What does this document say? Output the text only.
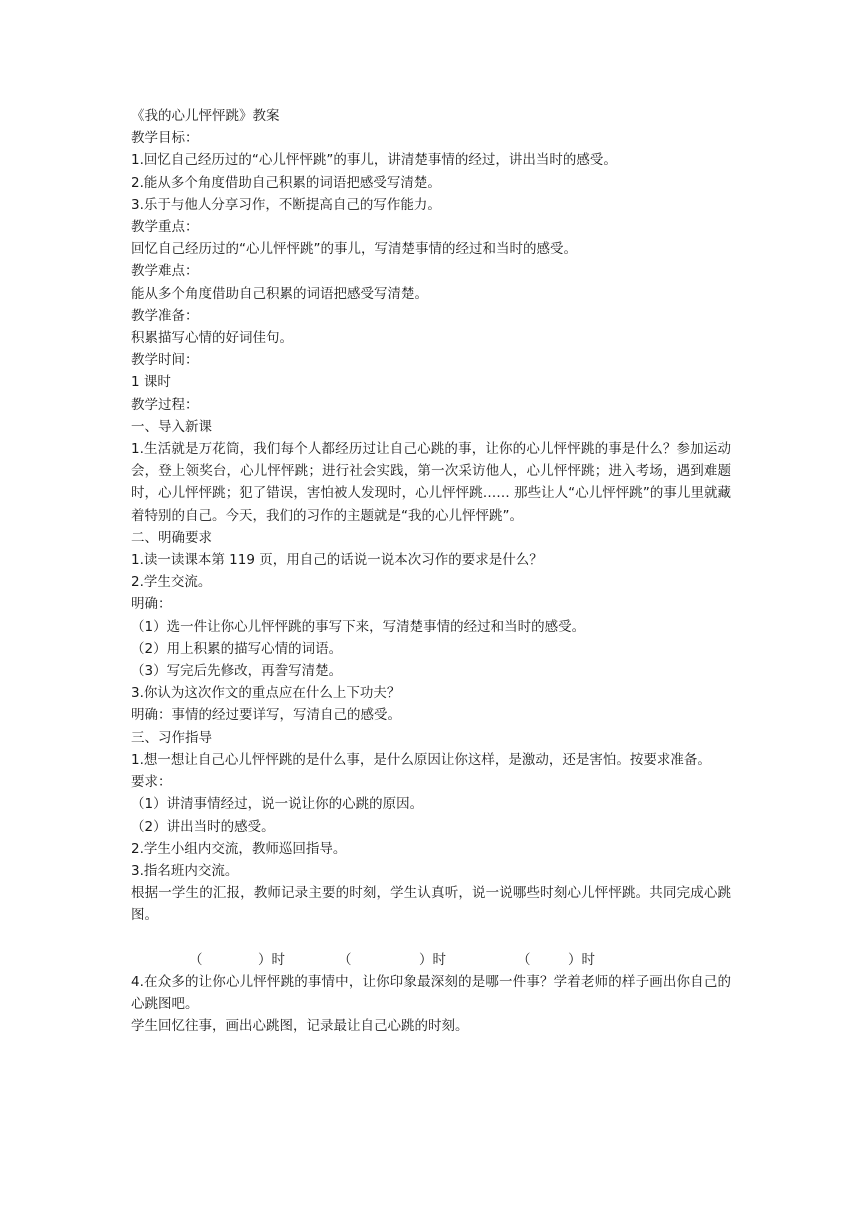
《我的心儿怦怦跳》教案
教学目标：
1.回忆自己经历过的“心儿怦怦跳”的事儿，讲清楚事情的经过，讲出当时的感受。
2.能从多个角度借助自己积累的词语把感受写清楚。
3.乐于与他人分享习作，不断提高自己的写作能力。
教学重点：
回忆自己经历过的“心儿怦怦跳”的事儿，写清楚事情的经过和当时的感受。
教学难点：
能从多个角度借助自己积累的词语把感受写清楚。
教学准备：
积累描写心情的好词佳句。
教学时间：
1 课时
教学过程：
一、导入新课
1.生活就是万花筒，我们每个人都经历过让自己心跳的事，让你的心儿怦怦跳的事是什么？参加运动会，登上领奖台，心儿怦怦跳；进行社会实践，第一次采访他人，心儿怦怦跳；进入考场，遇到难题时，心儿怦怦跳；犯了错误，害怕被人发现时，心儿怦怦跳…… 那些让人“心儿怦怦跳”的事儿里就藏着特别的自己。今天，我们的习作的主题就是“我的心儿怦怦跳”。
二、明确要求
1.读一读课本第 119 页，用自己的话说一说本次习作的要求是什么？
2.学生交流。
明确：
（1）选一件让你心儿怦怦跳的事写下来，写清楚事情的经过和当时的感受。
（2）用上积累的描写心情的词语。
（3）写完后先修改，再誊写清楚。
3.你认为这次作文的重点应在什么上下功夫？
明确：事情的经过要详写，写清自己的感受。
三、习作指导
1.想一想让自己心儿怦怦跳的是什么事，是什么原因让你这样，是激动，还是害怕。按要求准备。
要求：
（1）讲清事情经过，说一说让你的心跳的原因。
（2）讲出当时的感受。
2.学生小组内交流，教师巡回指导。
3.指名班内交流。
根据一学生的汇报，教师记录主要的时刻，学生认真听，说一说哪些时刻心儿怦怦跳。共同完成心跳图。
（	）时	（	）时	（	）时
4.在众多的让你心儿怦怦跳的事情中，让你印象最深刻的是哪一件事？学着老师的样子画出你自己的心跳图吧。
学生回忆往事，画出心跳图，记录最让自己心跳的时刻。
